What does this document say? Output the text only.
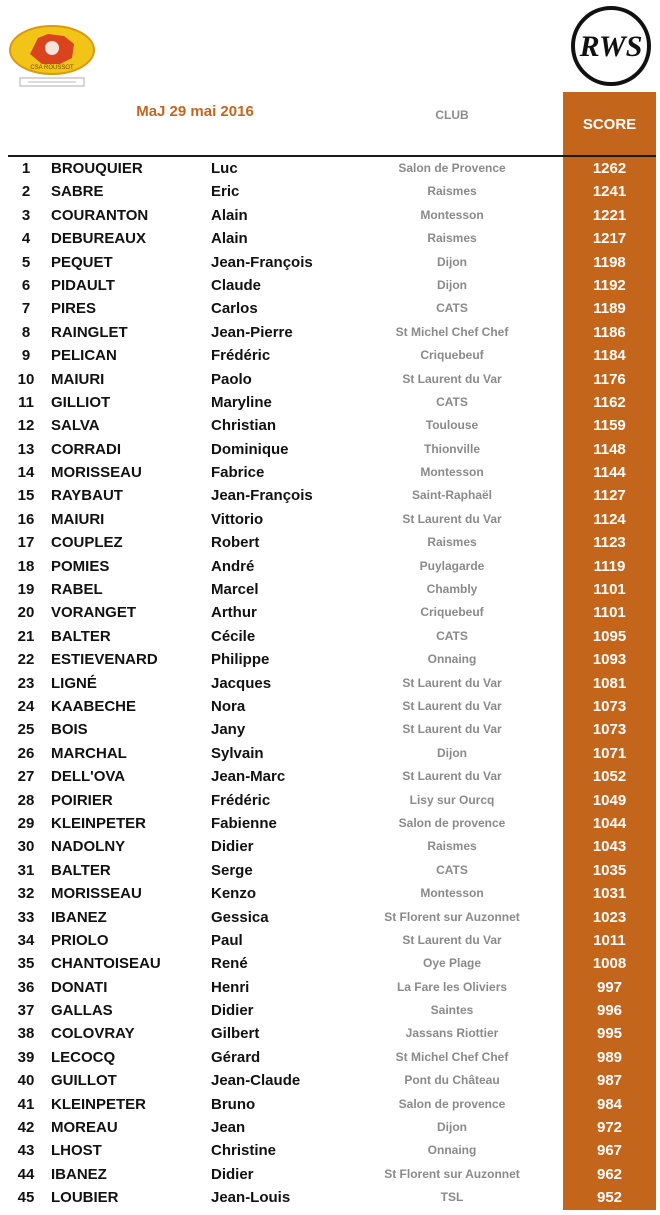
CSA ROUSSOT
RWS
MaJ 29 mai 2016	CLUB
SCORE
1	BROUQUIER	Luc	Salon de Provence	1262
2	SABRE	Eric	Raismes	1241
3	COURANTON	Alain	Montesson	1221
4	DEBUREAUX	Alain	Raismes	1217
5	PEQUET	Jean-François	Dijon	1198
6	PIDAULT	Claude	Dijon	1192
7	PIRES	Carlos	CATS	1189
8	RAINGLET	Jean-Pierre	St Michel Chef Chef	1186
9	PELICAN	Frédéric	Criquebeuf	1184
10	MAIURI	Paolo	St Laurent du Var	1176
11	GILLIOT	Maryline	CATS	1162
12	SALVA	Christian	Toulouse	1159
13	CORRADI	Dominique	Thionville	1148
14	MORISSEAU	Fabrice	Montesson	1144
15	RAYBAUT	Jean-François	Saint-Raphaël	1127
16	MAIURI	Vittorio	St Laurent du Var	1124
17	COUPLEZ	Robert	Raismes	1123
18	POMIES	André	Puylagarde	1119
19	RABEL	Marcel	Chambly	1101
20	VORANGET	Arthur	Criquebeuf	1101
21	BALTER	Cécile	CATS	1095
22	ESTIEVENARD	Philippe	Onnaing	1093
23	LIGNÉ	Jacques	St Laurent du Var	1081
24	KAABECHE	Nora	St Laurent du Var	1073
25	BOIS	Jany	St Laurent du Var	1073
26	MARCHAL	Sylvain	Dijon	1071
27	DELL'OVA	Jean-Marc	St Laurent du Var	1052
28	POIRIER	Frédéric	Lisy sur Ourcq	1049
29	KLEINPETER	Fabienne	Salon de provence	1044
30	NADOLNY	Didier	Raismes	1043
31	BALTER	Serge	CATS	1035
32	MORISSEAU	Kenzo	Montesson	1031
33	IBANEZ	Gessica	St Florent sur Auzonnet	1023
34	PRIOLO	Paul	St Laurent du Var	1011
35	CHANTOISEAU	René	Oye Plage	1008
36	DONATI	Henri	La Fare les Oliviers	997
37	GALLAS	Didier	Saintes	996
38	COLOVRAY	Gilbert	Jassans Riottier	995
39	LECOCQ	Gérard	St Michel Chef Chef	989
40	GUILLOT	Jean-Claude	Pont du Château	987
41	KLEINPETER	Bruno	Salon de provence	984
42	MOREAU	Jean	Dijon	972
43	LHOST	Christine	Onnaing	967
44	IBANEZ	Didier	St Florent sur Auzonnet	962
45	LOUBIER	Jean-Louis	TSL	952
